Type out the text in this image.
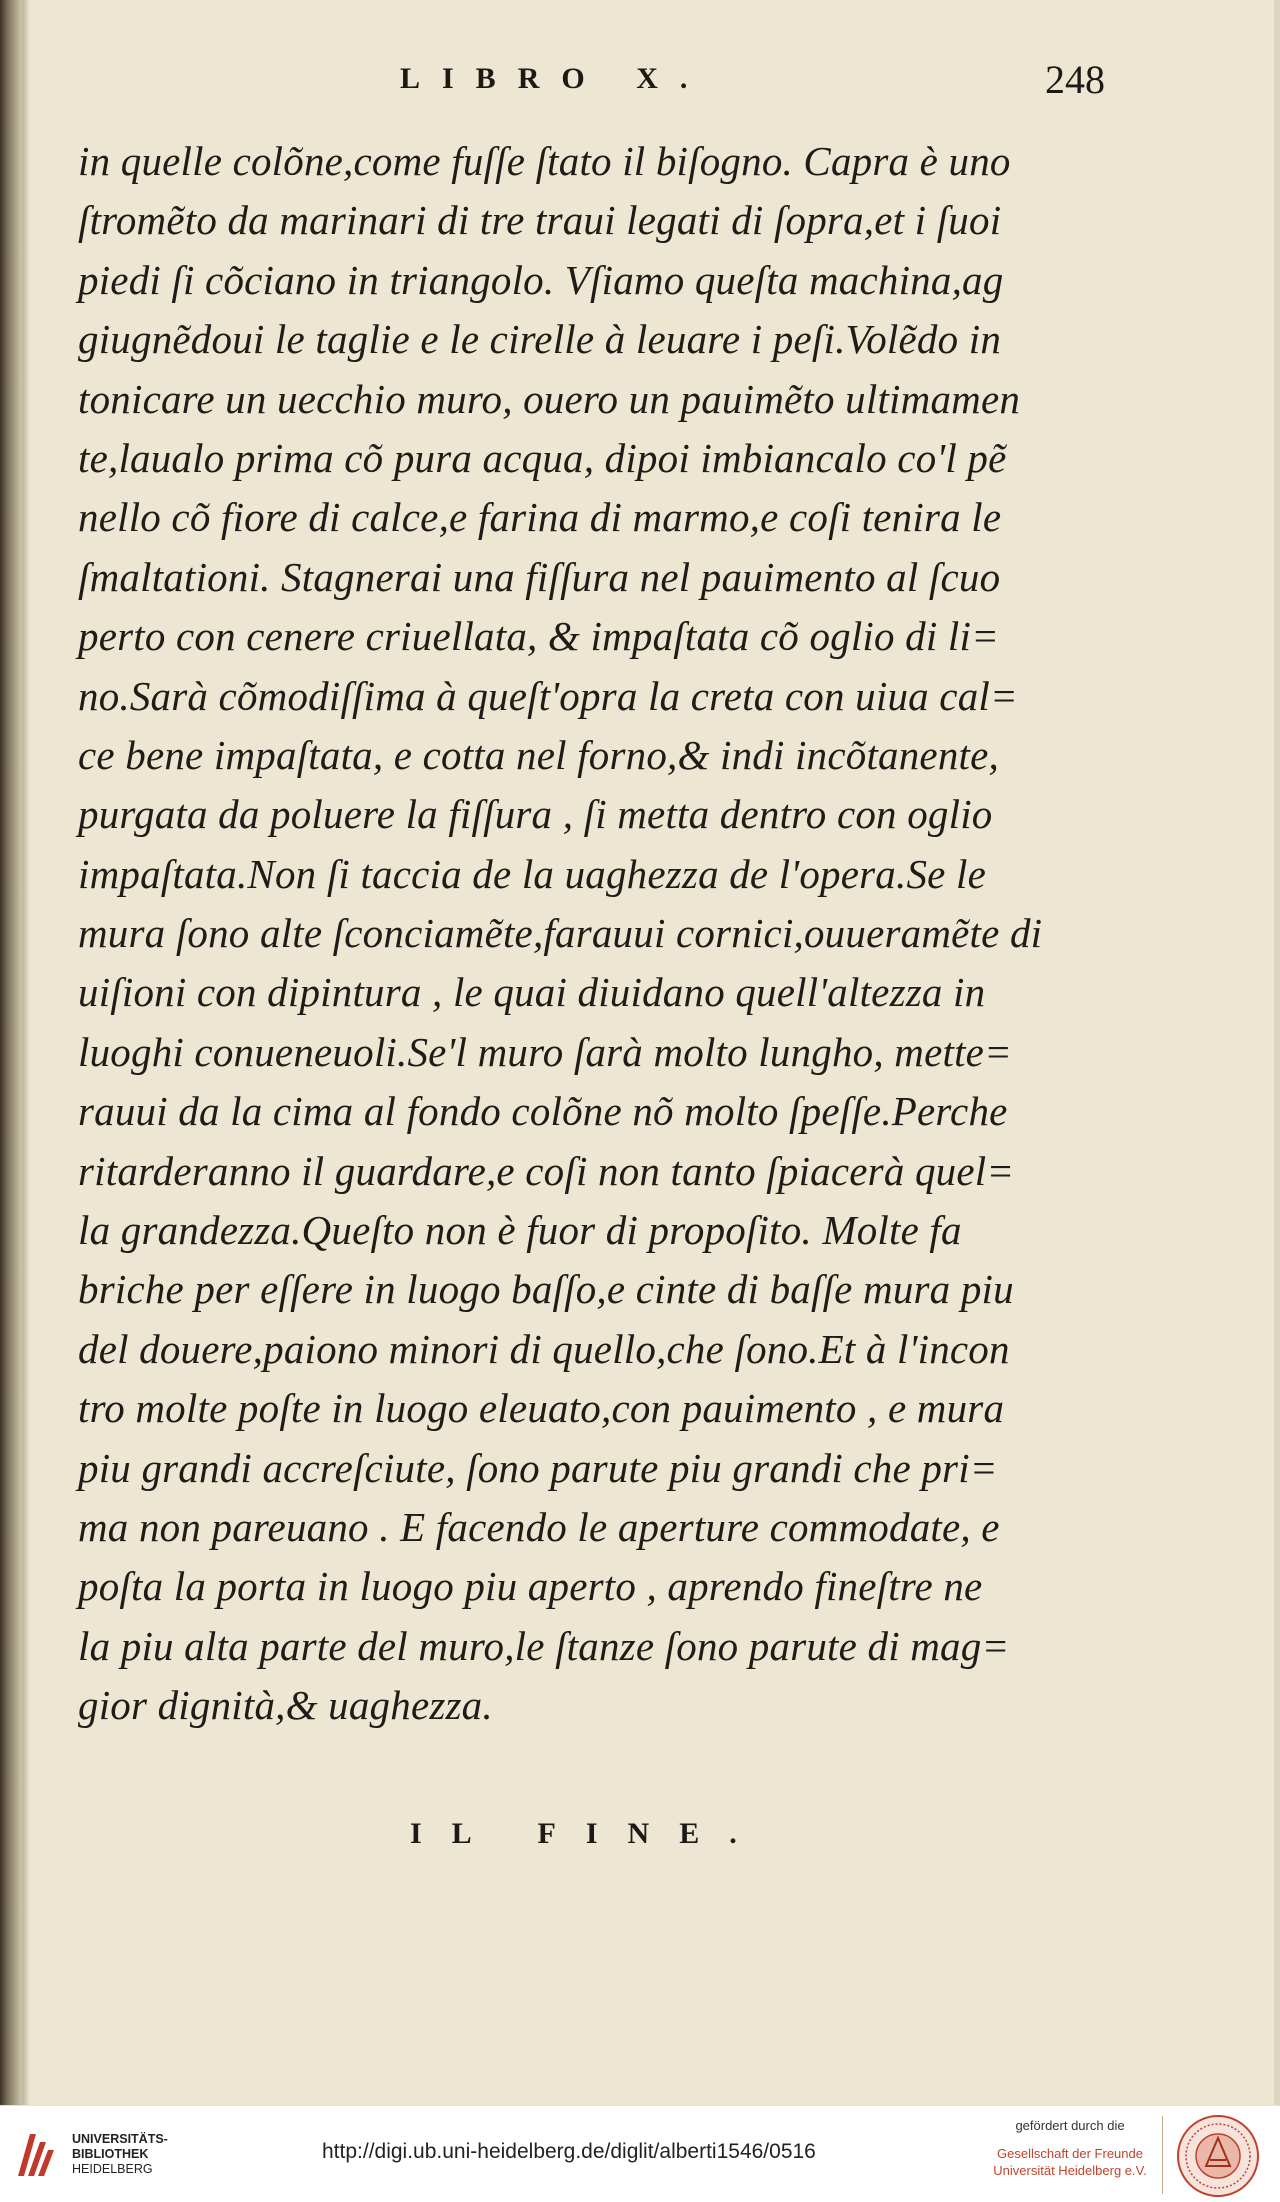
LIBRO X.	248
in quelle colõne,come fuſſe ſtato il biſogno. Capra è uno
ſtromẽto da marinari di tre traui legati di ſopra,et i ſuoi
piedi ſi cõciano in triangolo. Vſiamo queſta machina,ag
giugnẽdoui le taglie e le cirelle à leuare i peſi.Volẽdo in
tonicare un uecchio muro, ouero un pauimẽto ultimamen
te,laualo prima cõ pura acqua, dipoi imbiancalo co'l pẽ
nello cõ fiore di calce,e farina di marmo,e coſi tenira le
ſmaltationi. Stagnerai una fiſſura nel pauimento al ſcuo
perto con cenere criuellata, & impaſtata cõ oglio di li=
no.Sarà cõmodiſſima à queſt'opra la creta con uiua cal=
ce bene impaſtata, e cotta nel forno,& indi incõtanente,
purgata da poluere la fiſſura , ſi metta dentro con oglio
impaſtata.Non ſi taccia de la uaghezza de l'opera.Se le
mura ſono alte ſconciamẽte,farauui cornici,ouueramẽte di
uiſioni con dipintura , le quai diuidano quell'altezza in
luoghi conueneuoli.Se'l muro ſarà molto lungho, mette=
rauui da la cima al fondo colõne nõ molto ſpeſſe.Perche
ritarderanno il guardare,e coſi non tanto ſpiacerà quel=
la grandezza.Queſto non è fuor di propoſito. Molte fa
briche per eſſere in luogo baſſo,e cinte di baſſe mura piu
del douere,paiono minori di quello,che ſono.Et à l'incon
tro molte poſte in luogo eleuato,con pauimento , e mura
piu grandi accreſciute, ſono parute piu grandi che pri=
ma non pareuano . E facendo le aperture commodate, e
poſta la porta in luogo piu aperto , aprendo fineſtre ne
la piu alta parte del muro,le ſtanze ſono parute di mag=
gior dignità,& uaghezza.
IL FINE.
UNIVERSITÄTS-
BIBLIOTHEK
HEIDELBERG
http://digi.ub.uni-heidelberg.de/diglit/alberti1546/0516
gefördert durch die
Gesellschaft der Freunde
Universität Heidelberg e.V.
